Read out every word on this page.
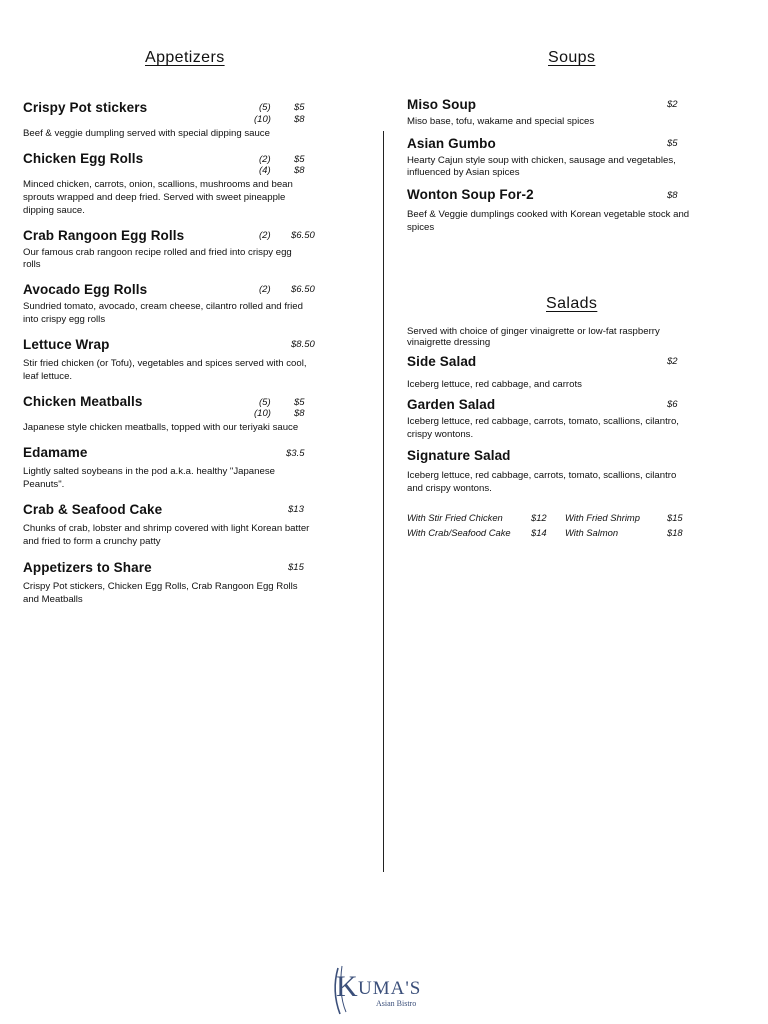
Appetizers
Crispy Pot stickers	(5) $5
(10) $8
Beef & veggie dumpling served with special dipping sauce
Chicken Egg Rolls	(2) $5
(4) $8
Minced chicken, carrots, onion, scallions, mushrooms and bean
sprouts wrapped and deep fried. Served with sweet pineapple
dipping sauce.
Crab Rangoon Egg Rolls	(2) $6.50
Our famous crab rangoon recipe rolled and fried into crispy egg
rolls
Avocado Egg Rolls	(2) $6.50
Sundried tomato, avocado, cream cheese, cilantro rolled and fried
into crispy egg rolls
Lettuce Wrap	$8.50
Stir fried chicken (or Tofu), vegetables and spices served with cool,
leaf lettuce.
Chicken Meatballs	(5) $5
(10) $8
Japanese style chicken meatballs, topped with our teriyaki sauce
Edamame	$3.5
Lightly salted soybeans in the pod a.k.a. healthy "Japanese
Peanuts".
Crab & Seafood Cake	$13
Chunks of crab, lobster and shrimp covered with light Korean batter
and fried to form a crunchy patty
Appetizers to Share	$15
Crispy Pot stickers, Chicken Egg Rolls, Crab Rangoon Egg Rolls
and Meatballs
Soups
Miso Soup	$2
Miso base, tofu, wakame and special spices
Asian Gumbo	$5
Hearty Cajun style soup with chicken, sausage and vegetables,
influenced by Asian spices
Wonton Soup For-2	$8
Beef & Veggie dumplings cooked with Korean vegetable stock and
spices
Salads
Served with choice of ginger vinaigrette or low-fat raspberry
vinaigrette dressing
Side Salad	$2
Iceberg lettuce, red cabbage, and carrots
Garden Salad	$6
Iceberg lettuce, red cabbage, carrots, tomato, scallions, cilantro,
crispy wontons.
Signature Salad
Iceberg lettuce, red cabbage, carrots, tomato, scallions, cilantro
and crispy wontons.
With Stir Fried Chicken	$12 With Fried Shrimp	$15
With Crab/Seafood Cake $14 With Salmon	$18
K UMA'S
Asian Bistro
